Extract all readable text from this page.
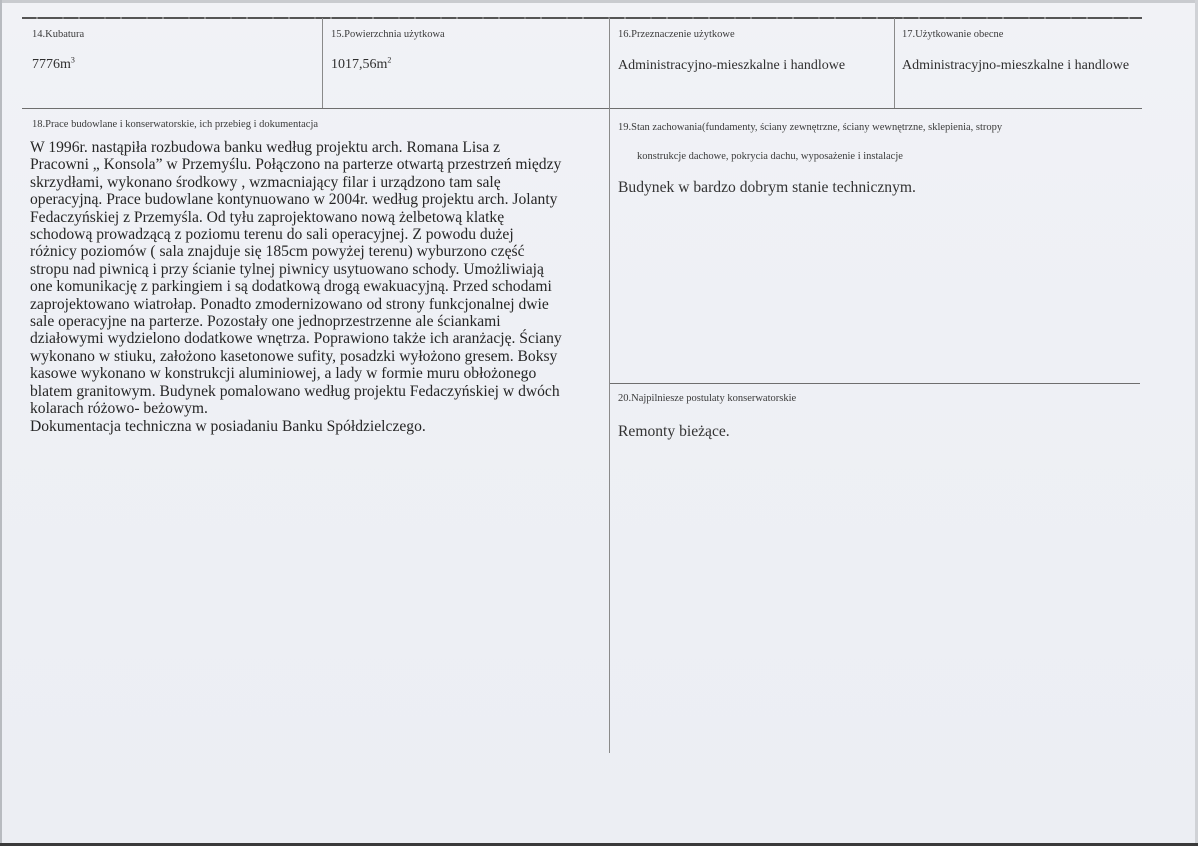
14.Kubatura
$7776m^3$
15.Powierzchnia użytkowa
$1017,56m^2$
16.Przeznaczenie użytkowe
Administracyjno-mieszkalne i handlowe
17.Użytkowanie obecne
Administracyjno-mieszkalne i handlowe
18.Prace budowlane i konserwatorskie, ich przebieg i dokumentacja

W 1996r. nastąpiła rozbudowa banku według projektu arch. Romana Lisa z

Pracowni „ Konsola” w Przemyślu. Połączono na parterze otwartą przestrzeń między

skrzydłami, wykonano środkowy , wzmacniający filar i urządzono tam salę

operacyjną. Prace budowlane kontynuowano w 2004r. według projektu arch. Jolanty

Fedaczyńskiej z Przemyśla. Od tyłu zaprojektowano nową żelbetową klatkę

schodową prowadzącą z poziomu terenu do sali operacyjnej. Z powodu dużej

różnicy poziomów ( sala znajduje się 185cm powyżej terenu) wyburzono część

stropu nad piwnicą i przy ścianie tylnej piwnicy usytuowano schody. Umożliwiają

one komunikację z parkingiem i są dodatkową drogą ewakuacyjną. Przed schodami

zaprojektowano wiatrołap. Ponadto zmodernizowano od strony funkcjonalnej dwie

sale operacyjne na parterze. Pozostały one jednoprzestrzenne ale ściankami

działowymi wydzielono dodatkowe wnętrza. Poprawiono także ich aranżację. Ściany

wykonano w stiuku, założono kasetonowe sufity, posadzki wyłożono gresem. Boksy

kasowe wykonano w konstrukcji aluminiowej, a lady w formie muru obłożonego

blatem granitowym. Budynek pomalowano według projektu Fedaczyńskiej w dwóch

kolarach różowo- beżowym.

Dokumentacja techniczna w posiadaniu Banku Spółdzielczego.

19.Stan zachowania(fundamenty, ściany zewnętrzne, ściany wewnętrzne, sklepienia, stropy
konstrukcje dachowe, pokrycia dachu, wyposażenie i instalacje
Budynek w bardzo dobrym stanie technicznym.
20.Najpilniesze postulaty konserwatorskie
Remonty bieżące.
